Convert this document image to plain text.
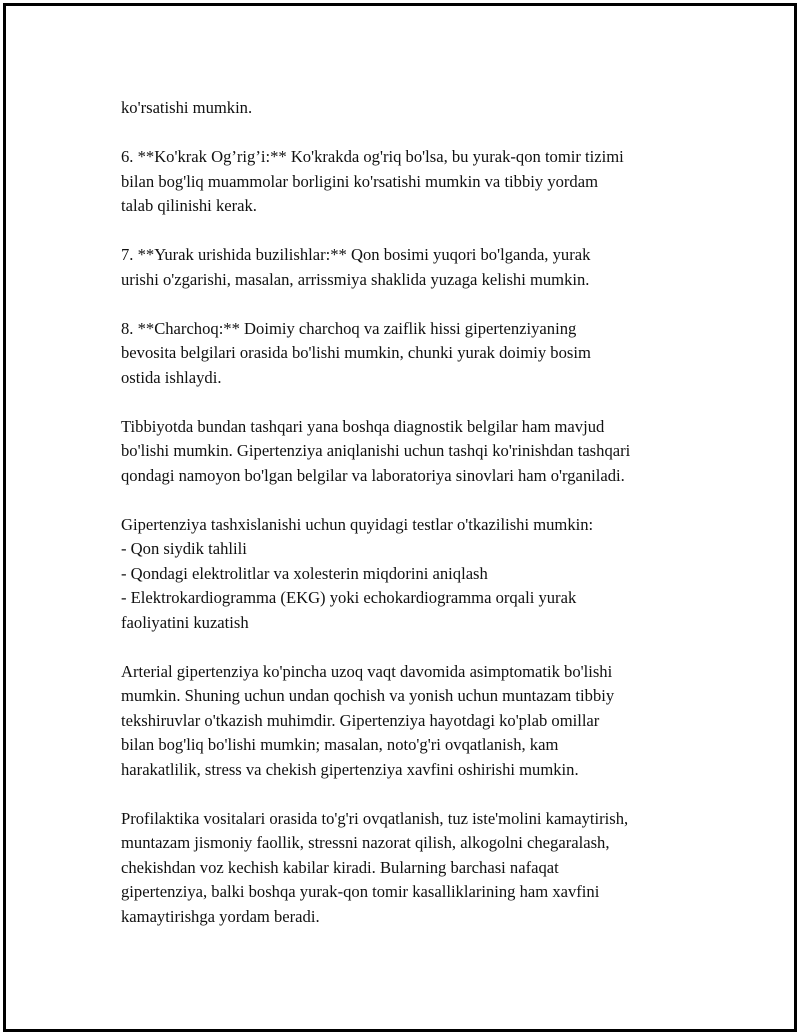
ko'rsatishi mumkin.

6. **Ko'krak Og’rig’i:** Ko'krakda og'riq bo'lsa, bu yurak-qon tomir tizimi
bilan bog'liq muammolar borligini ko'rsatishi mumkin va tibbiy yordam
talab qilinishi kerak.

7. **Yurak urishida buzilishlar:** Qon bosimi yuqori bo'lganda, yurak
urishi o'zgarishi, masalan, arrissmiya shaklida yuzaga kelishi mumkin.

8. **Charchoq:** Doimiy charchoq va zaiflik hissi gipertenziyaning
bevosita belgilari orasida bo'lishi mumkin, chunki yurak doimiy bosim
ostida ishlaydi.

Tibbiyotda bundan tashqari yana boshqa diagnostik belgilar ham mavjud
bo'lishi mumkin. Gipertenziya aniqlanishi uchun tashqi ko'rinishdan tashqari
qondagi namoyon bo'lgan belgilar va laboratoriya sinovlari ham o'rganiladi.

Gipertenziya tashxislanishi uchun quyidagi testlar o'tkazilishi mumkin:
- Qon siydik tahlili
- Qondagi elektrolitlar va xolesterin miqdorini aniqlash
- Elektrokardiogramma (EKG) yoki echokardiogramma orqali yurak
faoliyatini kuzatish

Arterial gipertenziya ko'pincha uzoq vaqt davomida asimptomatik bo'lishi
mumkin. Shuning uchun undan qochish va yonish uchun muntazam tibbiy
tekshiruvlar o'tkazish muhimdir. Gipertenziya hayotdagi ko'plab omillar
bilan bog'liq bo'lishi mumkin; masalan, noto'g'ri ovqatlanish, kam
harakatlilik, stress va chekish gipertenziya xavfini oshirishi mumkin.

Profilaktika vositalari orasida to'g'ri ovqatlanish, tuz iste'molini kamaytirish,
muntazam jismoniy faollik, stressni nazorat qilish, alkogolni chegaralash,
chekishdan voz kechish kabilar kiradi. Bularning barchasi nafaqat
gipertenziya, balki boshqa yurak-qon tomir kasalliklarining ham xavfini
kamaytirishga yordam beradi.
